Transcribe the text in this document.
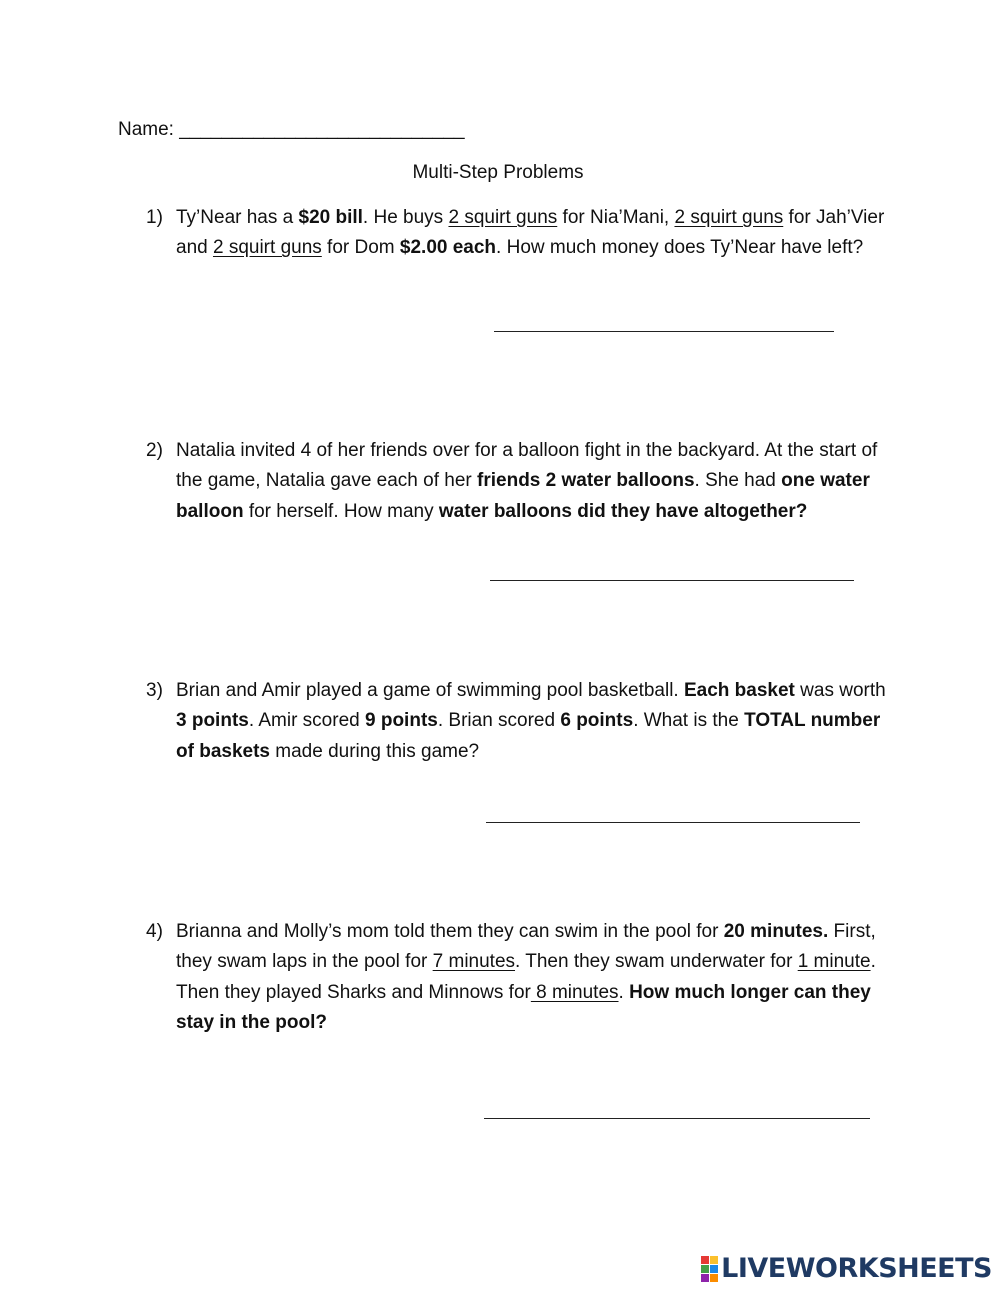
Name: ___________________________
Multi-Step Problems
1) Ty’Near has a $20 bill. He buys 2 squirt guns for Nia’Mani, 2 squirt guns for Jah’Vier and 2 squirt guns for Dom $2.00 each. How much money does Ty’Near have left?
2) Natalia invited 4 of her friends over for a balloon fight in the backyard. At the start of the game, Natalia gave each of her friends 2 water balloons. She had one water balloon for herself. How many water balloons did they have altogether?
3) Brian and Amir played a game of swimming pool basketball. Each basket was worth 3 points. Amir scored 9 points. Brian scored 6 points. What is the TOTAL number of baskets made during this game?
4) Brianna and Molly’s mom told them they can swim in the pool for 20 minutes. First, they swam laps in the pool for 7 minutes. Then they swam underwater for 1 minute. Then they played Sharks and Minnows for 8 minutes. How much longer can they stay in the pool?
LIVEWORKSHEETS
